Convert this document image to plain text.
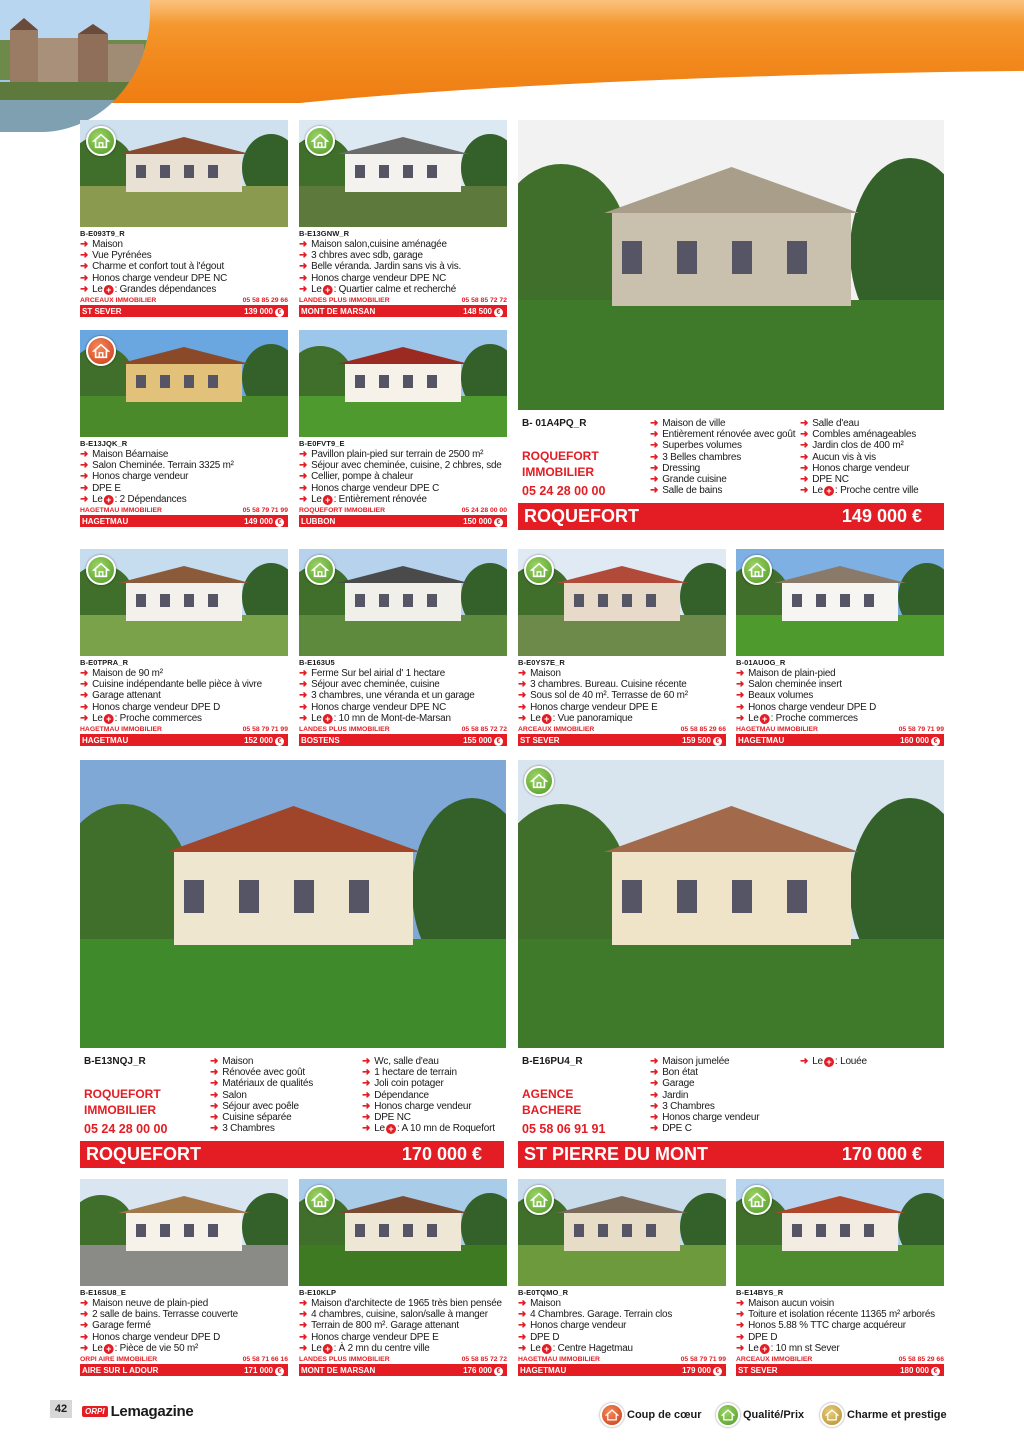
B-E093T9_R
➜ Maison
➜ Vue Pyrénées
➜ Charme et confort tout à l'égout
➜ Honos charge vendeur DPE NC
➜ Le + : Grandes dépendances
ARCEAUX IMMOBILIER	05 58 85 29 66
ST SEVER	139 000 €
B-E13GNW_R
➜ Maison salon,cuisine aménagée
➜ 3 chbres avec sdb, garage
➜ Belle véranda. Jardin sans vis à vis.
➜ Honos charge vendeur DPE NC
➜ Le + : Quartier calme et recherché
LANDES PLUS IMMOBILIER	05 58 85 72 72
MONT DE MARSAN	148 500 €
B-E13JQK_R
➜ Maison Béarnaise
➜ Salon Cheminée. Terrain 3325 m²
➜ Honos charge vendeur
➜ DPE E
➜ Le + : 2 Dépendances
HAGETMAU IMMOBILIER	05 58 79 71 99
HAGETMAU	149 000 €
B-E0FVT9_E
➜ Pavillon plain-pied sur terrain de 2500 m²
➜ Séjour avec cheminée, cuisine, 2 chbres, sde
➜ Cellier, pompe à chaleur
➜ Honos charge vendeur DPE C
➜ Le + : Entièrement rénovée
ROQUEFORT IMMOBILIER	05 24 28 00 00
LUBBON	150 000 €
B-E0TPRA_R
➜ Maison de 90 m²
➜ Cuisine indépendante belle pièce à vivre
➜ Garage attenant
➜ Honos charge vendeur DPE D
➜ Le + : Proche commerces
HAGETMAU IMMOBILIER	05 58 79 71 99
HAGETMAU	152 000 €
B-E163U5
➜ Ferme Sur bel airial d' 1 hectare
➜ Séjour avec cheminée, cuisine
➜ 3 chambres, une véranda et un garage
➜ Honos charge vendeur DPE NC
➜ Le + : 10 mn de Mont-de-Marsan
LANDES PLUS IMMOBILIER	05 58 85 72 72
BOSTENS	155 000 €
B-E0YS7E_R
➜ Maison
➜ 3 chambres. Bureau. Cuisine récente
➜ Sous sol de 40 m². Terrasse de 60 m²
➜ Honos charge vendeur DPE E
➜ Le + : Vue panoramique
ARCEAUX IMMOBILIER	05 58 85 29 66
ST SEVER	159 500 €
B-01AUOG_R
➜ Maison de plain-pied
➜ Salon cheminée insert
➜ Beaux volumes
➜ Honos charge vendeur DPE D
➜ Le + : Proche commerces
HAGETMAU IMMOBILIER	05 58 79 71 99
HAGETMAU	160 000 €
B-E16SU8_E
➜ Maison neuve de plain-pied
➜ 2 salle de bains. Terrasse couverte
➜ Garage fermé
➜ Honos charge vendeur DPE D
➜ Le + : Pièce de vie 50 m²
ORPI AIRE IMMOBILIER	05 58 71 66 16
AIRE SUR L ADOUR	171 000 €
B-E10KLP
➜ Maison d'architecte de 1965 très bien pensée
➜ 4 chambres, cuisine, salon/salle à manger
➜ Terrain de 800 m². Garage attenant
➜ Honos charge vendeur DPE E
➜ Le + : À 2 mn du centre ville
LANDES PLUS IMMOBILIER	05 58 85 72 72
MONT DE MARSAN	176 000 €
B-E0TQMO_R
➜ Maison
➜ 4 Chambres. Garage. Terrain clos
➜ Honos charge vendeur
➜ DPE D
➜ Le + : Centre Hagetmau
HAGETMAU IMMOBILIER	05 58 79 71 99
HAGETMAU	179 000 €
B-E14BYS_R
➜ Maison aucun voisin
➜ Toiture et isolation récente 11365 m² arborés
➜ Honos 5.88 % TTC charge acquéreur
➜ DPE D
➜ Le + : 10 mn st Sever
ARCEAUX IMMOBILIER	05 58 85 29 66
ST SEVER	180 000 €
B- 01A4PQ_R
ROQUEFORT
IMMOBILIER
05 24 28 00 00
➜ Maison de ville
➜ Entièrement rénovée avec goût
➜ Superbes volumes
➜ 3 Belles chambres
➜ Dressing
➜ Grande cuisine
➜ Salle de bains
➜ Salle d'eau
➜ Combles aménageables
➜ Jardin clos de 400 m²
➜ Aucun vis à vis
➜ Honos charge vendeur
➜ DPE NC
➜ Le + : Proche centre ville
ROQUEFORT	149 000 €
B-E13NQJ_R
ROQUEFORT
IMMOBILIER
05 24 28 00 00
➜ Maison
➜ Rénovée avec goût
➜ Matériaux de qualités
➜ Salon
➜ Séjour avec poêle
➜ Cuisine séparée
➜ 3 Chambres
➜ Wc, salle d'eau
➜ 1 hectare de terrain
➜ Joli coin potager
➜ Dépendance
➜ Honos charge vendeur
➜ DPE NC
➜ Le + : A 10 mn de Roquefort
ROQUEFORT	170 000 €
B-E16PU4_R
AGENCE
BACHERE
05 58 06 91 91
➜ Maison jumelée
➜ Bon état
➜ Garage
➜ Jardin
➜ 3 Chambres
➜ Honos charge vendeur
➜ DPE C
➜ Le + : Louée
ST PIERRE DU MONT	170 000 €
42	ORPI Lemagazine	Coup de cœur	Qualité/Prix	Charme et prestige
